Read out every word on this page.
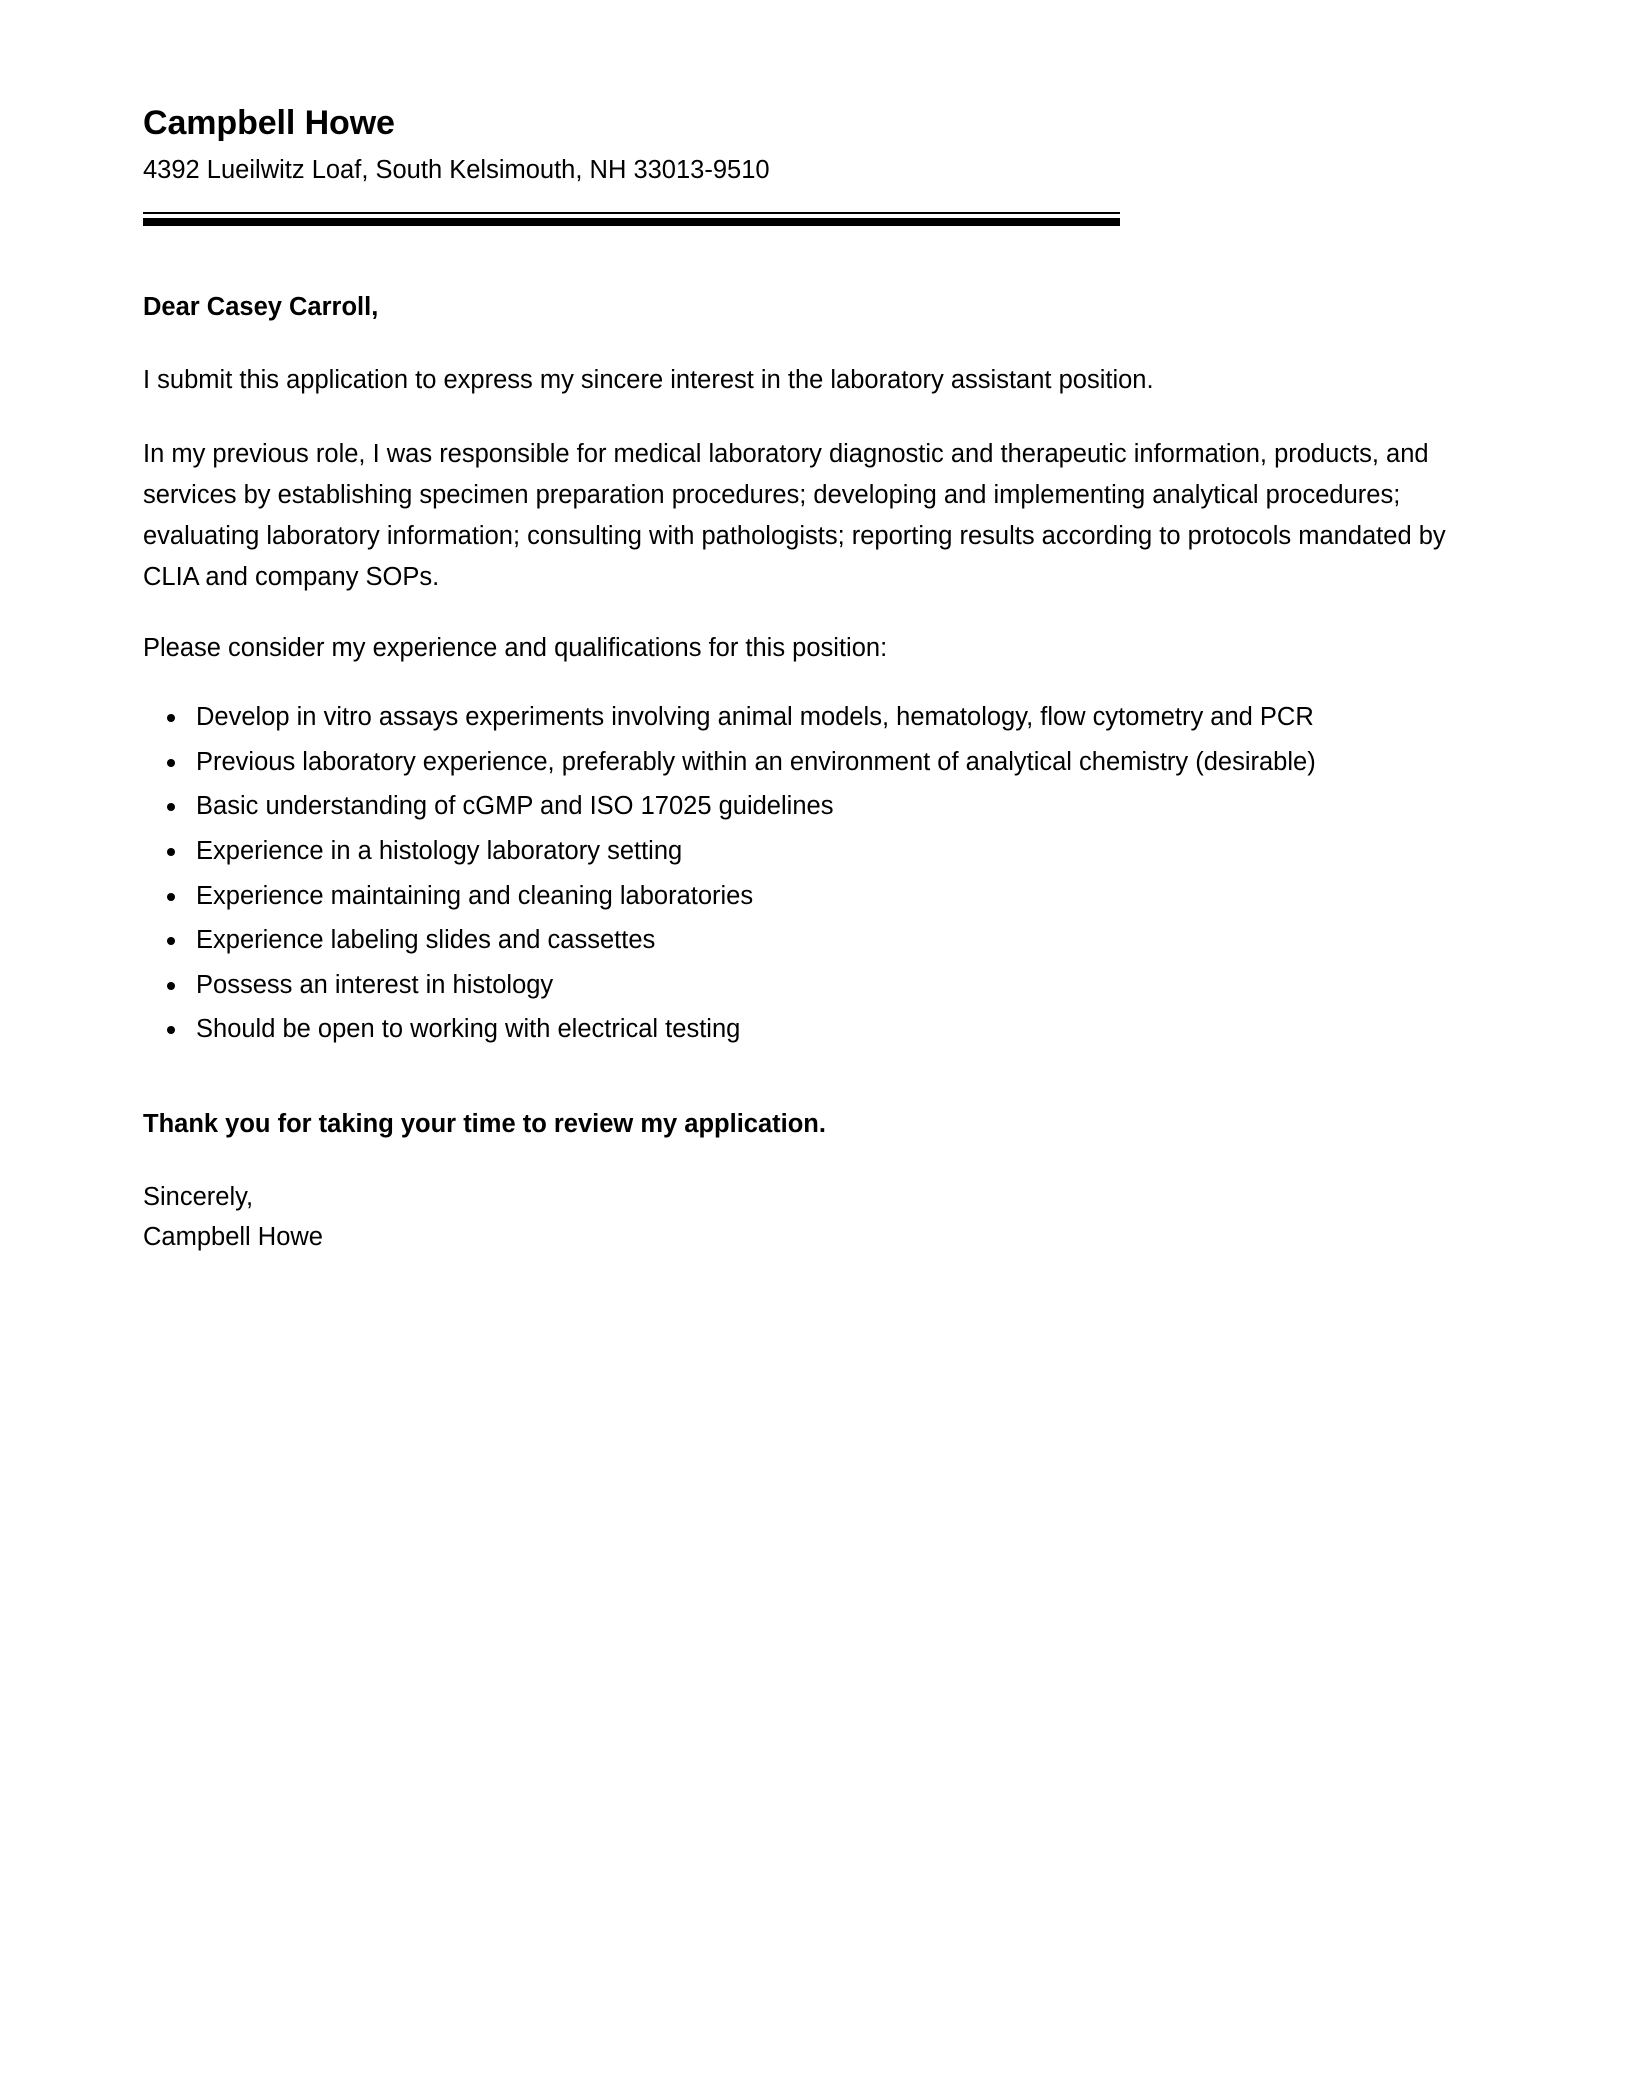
Campbell Howe
4392 Lueilwitz Loaf, South Kelsimouth, NH 33013-9510

Dear Casey Carroll,

I submit this application to express my sincere interest in the laboratory assistant position.

In my previous role, I was responsible for medical laboratory diagnostic and therapeutic information, products, and services by establishing specimen preparation procedures; developing and implementing analytical procedures; evaluating laboratory information; consulting with pathologists; reporting results according to protocols mandated by CLIA and company SOPs.

Please consider my experience and qualifications for this position:

Develop in vitro assays experiments involving animal models, hematology, flow cytometry and PCR
Previous laboratory experience, preferably within an environment of analytical chemistry (desirable)
Basic understanding of cGMP and ISO 17025 guidelines
Experience in a histology laboratory setting
Experience maintaining and cleaning laboratories
Experience labeling slides and cassettes
Possess an interest in histology
Should be open to working with electrical testing

Thank you for taking your time to review my application.

Sincerely,
Campbell Howe
